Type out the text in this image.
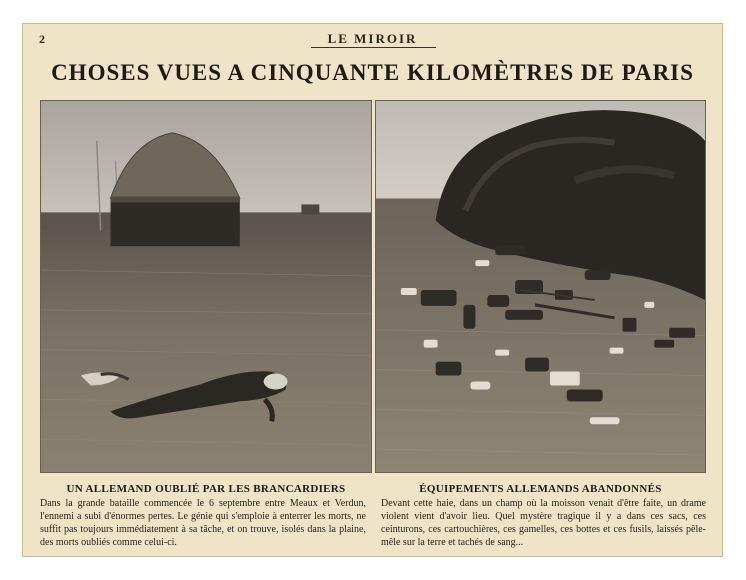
2	LE MIROIR
CHOSES VUES A CINQUANTE KILOMÈTRES DE PARIS
UN ALLEMAND OUBLIÉ PAR LES BRANCARDIERS	ÉQUIPEMENTS ALLEMANDS ABANDONNÉS
Dans la grande bataille commencée le 6 septembre entre Meaux et Verdun, l'ennemi a subi d'énormes pertes. Le génie qui s'emploie à enterrer les morts, ne suffit pas toujours immédiatement à sa tâche, et on trouve, isolés dans la plaine, des morts oubliés comme celui-ci.
Devant cette haie, dans un champ où la moisson venait d'être faite, un drame violent vient d'avoir lieu. Quel mystère tragique il y a dans ces sacs, ces ceinturons, ces cartouchières, ces gamelles, ces bottes et ces fusils, laissés pêle-mêle sur la terre et tachés de sang...
